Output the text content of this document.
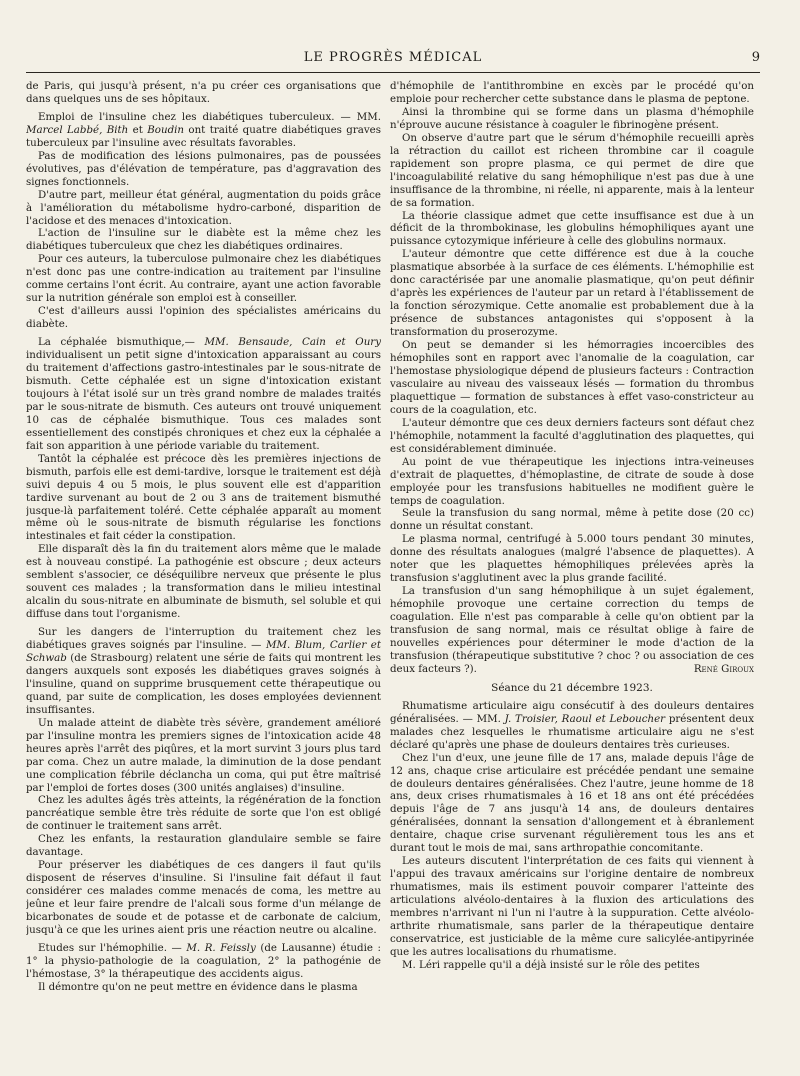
LE PROGRÈS MÉDICAL	9

de Paris, qui jusqu'à présent, n'a pu créer ces organisations que dans quelques uns de ses hôpitaux.

Emploi de l'insuline chez les diabétiques tuberculeux. — MM. Marcel Labbé, Bith et Boudin ont traité quatre diabétiques graves tuberculeux par l'insuline avec résultats favorables.

Pas de modification des lésions pulmonaires, pas de poussées évolutives, pas d'élévation de température, pas d'aggravation des signes fonctionnels.

D'autre part, meilleur état général, augmentation du poids grâce à l'amélioration du métabolisme hydro-carboné, disparition de l'acidose et des menaces d'intoxication.

L'action de l'insuline sur le diabète est la même chez les diabétiques tuberculeux que chez les diabétiques ordinaires.

Pour ces auteurs, la tuberculose pulmonaire chez les diabétiques n'est donc pas une contre-indication au traitement par l'insuline comme certains l'ont écrit. Au contraire, ayant une action favorable sur la nutrition générale son emploi est à conseiller.

C'est d'ailleurs aussi l'opinion des spécialistes américains du diabète.

La céphalée bismuthique,— MM. Bensaude, Cain et Oury individualisent un petit signe d'intoxication apparaissant au cours du traitement d'affections gastro-intestinales par le sous-nitrate de bismuth. Cette céphalée est un signe d'intoxication existant toujours à l'état isolé sur un très grand nombre de malades traités par le sous-nitrate de bismuth. Ces auteurs ont trouvé uniquement 10 cas de céphalée bismuthique. Tous ces malades sont essentiellement des constipés chroniques et chez eux la céphalée a fait son apparition à une période variable du traitement.

Tantôt la céphalée est précoce dès les premières injections de bismuth, parfois elle est demi-tardive, lorsque le traitement est déjà suivi depuis 4 ou 5 mois, le plus souvent elle est d'apparition tardive survenant au bout de 2 ou 3 ans de traitement bismuthé jusque-là parfaitement toléré. Cette céphalée apparaît au moment même où le sous-nitrate de bismuth régularise les fonctions intestinales et fait céder la constipation.

Elle disparaît dès la fin du traitement alors même que le malade est à nouveau constipé. La pathogénie est obscure ; deux acteurs semblent s'associer, ce déséquilibre nerveux que présente le plus souvent ces malades ; la transformation dans le milieu intestinal alcalin du sous-nitrate en albuminate de bismuth, sel soluble et qui diffuse dans tout l'organisme.

Sur les dangers de l'interruption du traitement chez les diabétiques graves soignés par l'insuline. — MM. Blum, Carlier et Schwab (de Strasbourg) relatent une série de faits qui montrent les dangers auxquels sont exposés les diabétiques graves soignés à l'insuline, quand on supprime brusquement cette thérapeutique ou quand, par suite de complication, les doses employées deviennent insuffisantes.

Un malade atteint de diabète très sévère, grandement amélioré par l'insuline montra les premiers signes de l'intoxication acide 48 heures après l'arrêt des piqûres, et la mort survint 3 jours plus tard par coma. Chez un autre malade, la diminution de la dose pendant une complication fébrile déclancha un coma, qui put être maîtrisé par l'emploi de fortes doses (300 unités anglaises) d'insuline.

Chez les adultes âgés très atteints, la régénération de la fonction pancréatique semble être très réduite de sorte que l'on est obligé de continuer le traitement sans arrêt.

Chez les enfants, la restauration glandulaire semble se faire davantage.

Pour préserver les diabétiques de ces dangers il faut qu'ils disposent de réserves d'insuline. Si l'insuline fait défaut il faut considérer ces malades comme menacés de coma, les mettre au jeûne et leur faire prendre de l'alcali sous forme d'un mélange de bicarbonates de soude et de potasse et de carbonate de calcium, jusqu'à ce que les urines aient pris une réaction neutre ou alcaline.

Etudes sur l'hémophilie. — M. R. Feissly (de Lausanne) étudie : 1° la physio-pathologie de la coagulation, 2° la pathogénie de l'hémostase, 3° la thérapeutique des accidents aigus.

Il démontre qu'on ne peut mettre en évidence dans le plasma

d'hémophile de l'antithrombine en excès par le procédé qu'on emploie pour rechercher cette substance dans le plasma de peptone.

Ainsi la thrombine qui se forme dans un plasma d'hémophile n'éprouve aucune résistance à coaguler le fibrinogène présent.

On observe d'autre part que le sérum d'hémophile recueilli après la rétraction du caillot est richeen thrombine car il coagule rapidement son propre plasma, ce qui permet de dire que l'incoagulabilité relative du sang hémophilique n'est pas due à une insuffisance de la thrombine, ni réelle, ni apparente, mais à la lenteur de sa formation.

La théorie classique admet que cette insuffisance est due à un déficit de la thrombokinase, les globulins hémophiliques ayant une puissance cytozymique inférieure à celle des globulins normaux.

L'auteur démontre que cette différence est due à la couche plasmatique absorbée à la surface de ces éléments. L'hémophilie est donc caractérisée par une anomalie plasmatique, qu'on peut définir d'après les expériences de l'auteur par un retard à l'établissement de la fonction sérozymique. Cette anomalie est probablement due à la présence de substances antagonistes qui s'opposent à la transformation du proserozyme.

On peut se demander si les hémorragies incoercibles des hémophiles sont en rapport avec l'anomalie de la coagulation, car l'hemostase physiologique dépend de plusieurs facteurs : Contraction vasculaire au niveau des vaisseaux lésés — formation du thrombus plaquettique — formation de substances à effet vaso-constricteur au cours de la coagulation, etc.

L'auteur démontre que ces deux derniers facteurs sont défaut chez l'hémophile, notamment la faculté d'agglutination des plaquettes, qui est considérablement diminuée.

Au point de vue thérapeutique les injections intra-veineuses d'extrait de plaquettes, d'hémoplastine, de citrate de soude à dose employée pour les transfusions habituelles ne modifient guère le temps de coagulation.

Seule la transfusion du sang normal, même à petite dose (20 cc) donne un résultat constant.

Le plasma normal, centrifugé à 5.000 tours pendant 30 minutes, donne des résultats analogues (malgré l'absence de plaquettes). A noter que les plaquettes hémophiliques prélevées après la transfusion s'agglutinent avec la plus grande facilité.

La transfusion d'un sang hémophilique à un sujet également, hémophile provoque une certaine correction du temps de coagulation. Elle n'est pas comparable à celle qu'on obtient par la transfusion de sang normal, mais ce résultat oblige à faire de nouvelles expériences pour déterminer le mode d'action de la transfusion (thérapeutique substitutive ? choc ? ou association de ces deux facteurs ?).	René Giroux

Séance du 21 décembre 1923.

Rhumatisme articulaire aigu consécutif à des douleurs dentaires généralisées. — MM. J. Troisier, Raoul et Leboucher présentent deux malades chez lesquelles le rhumatisme articulaire aigu ne s'est déclaré qu'après une phase de douleurs dentaires très curieuses.

Chez l'un d'eux, une jeune fille de 17 ans, malade depuis l'âge de 12 ans, chaque crise articulaire est précédée pendant une semaine de douleurs dentaires généralisées. Chez l'autre, jeune homme de 18 ans, deux crises rhumatismales à 16 et 18 ans ont été précédées depuis l'âge de 7 ans jusqu'à 14 ans, de douleurs dentaires généralisées, donnant la sensation d'allongement et à ébranlement dentaire, chaque crise survenant régulièrement tous les ans et durant tout le mois de mai, sans arthropathie concomitante.

Les auteurs discutent l'interprétation de ces faits qui viennent à l'appui des travaux américains sur l'origine dentaire de nombreux rhumatismes, mais ils estiment pouvoir comparer l'atteinte des articulations alvéolo-dentaires à la fluxion des articulations des membres n'arrivant ni l'un ni l'autre à la suppuration. Cette alvéolo-arthrite rhumatismale, sans parler de la thérapeutique dentaire conservatrice, est justiciable de la même cure salicylée-antipyrinée que les autres localisations du rhumatisme.

M. Léri rappelle qu'il a déjà insisté sur le rôle des petites
